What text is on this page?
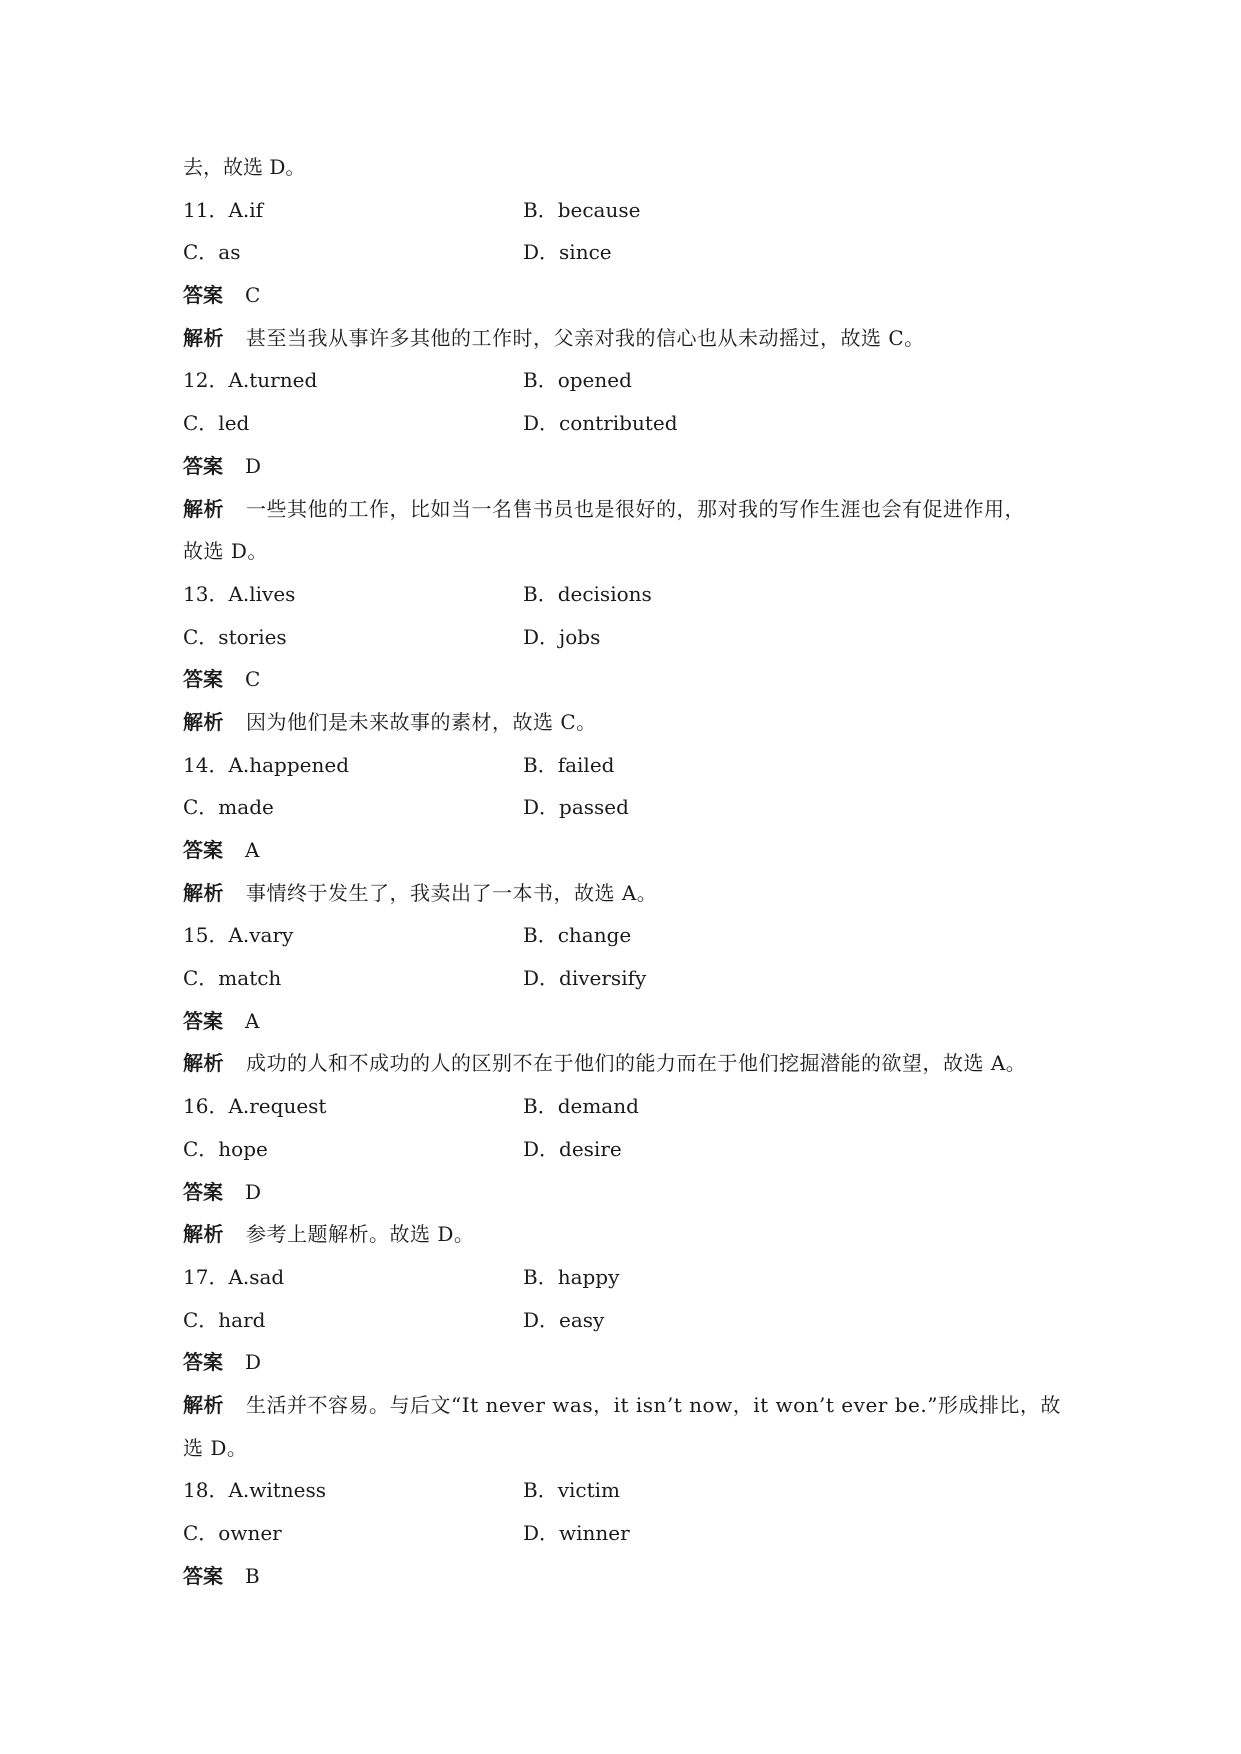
去，故选 D。
11．A.if	B．because
C．as	D．since
答案 C
解析 甚至当我从事许多其他的工作时，父亲对我的信心也从未动摇过，故选 C。
12．A.turned	B．opened
C．led	D．contributed
答案 D
解析 一些其他的工作，比如当一名售书员也是很好的，那对我的写作生涯也会有促进作用，
故选 D。
13．A.lives	B．decisions
C．stories	D．jobs
答案 C
解析 因为他们是未来故事的素材，故选 C。
14．A.happened	B．failed
C．made	D．passed
答案 A
解析 事情终于发生了，我卖出了一本书，故选 A。
15．A.vary	B．change
C．match	D．diversify
答案 A
解析 成功的人和不成功的人的区别不在于他们的能力而在于他们挖掘潜能的欲望，故选 A。
16．A.request	B．demand
C．hope	D．desire
答案 D
解析 参考上题解析。故选 D。
17．A.sad	B．happy
C．hard	D．easy
答案 D
解析 生活并不容易。与后文“It never was，it isn’t now，it won’t ever be.”形成排比，故
选 D。
18．A.witness	B．victim
C．owner	D．winner
答案 B
